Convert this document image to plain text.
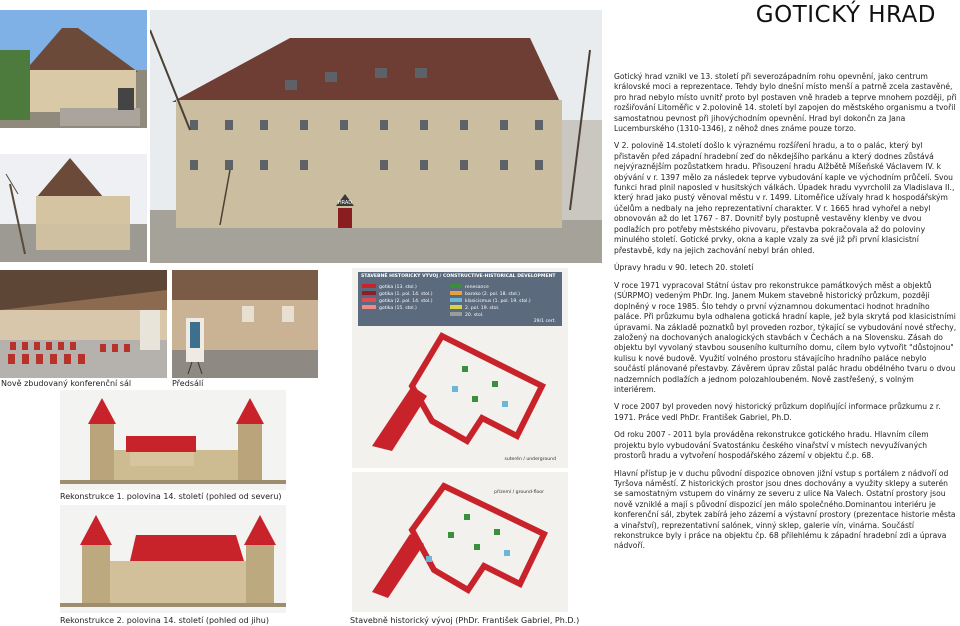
HRAD
GOTICKÝ HRAD

Gotický hrad vznikl ve 13. století při severozápadním rohu opevnění, jako centrum královské moci a reprezentace. Tehdy bylo dnešní místo menší a patrně zcela zastavěné, pro hrad nebylo místo uvnitř proto byl postaven vně hradeb a teprve mnohem později, při rozšiřování Litoměřic v 2.polovině 14. století byl zapojen do městského organismu a tvořil samostatnou pevnost při jihovýchodním opevnění. Hrad byl dokončn za Jana Lucemburského (1310-1346), z něhož dnes známe pouze torzo.

V 2. polovině 14.století došlo k výraznému rozšíření hradu, a to o palác, který byl přistavěn před západní hradební zeď do někdejšího parkánu a který dodnes zůstává nejvýraznějším pozůstatkem hradu. Přisouzení hradu Alžbětě Míšeňské Václavem IV. k obývání v r. 1397 mělo za následek teprve vybudování kaple ve východním průčelí. Svou funkci hrad plnil naposled v husitských válkách. Úpadek hradu vyvrcholil za Vladislava II., který hrad jako pustý věnoval městu v r. 1499. Litoměřice užívaly hrad k hospodářským účelům a nedbaly na jeho reprezentativní charakter. V r. 1665 hrad vyhořel a nebyl obnovován až do let 1767 - 87. Dovnitř byly postupně vestavěny klenby ve dvou podlažích pro potřeby městského pivovaru, přestavba pokračovala až do poloviny minulého století. Gotické prvky, okna a kaple vzaly za své již při první klasicistní přestavbě, kdy na jejich zachování nebyl brán ohled.

Úpravy hradu v 90. letech 20. století

V roce 1971 vypracoval Státní ústav pro rekonstrukce památkových měst a objektů (SÚRPMO) vedeným PhDr. Ing. Janem Mukem stavebně historický průzkum, později doplněný v roce 1985. Šlo tehdy o první významnou dokumentaci hodnot hradního paláce. Při průzkumu byla odhalena gotická hradní kaple, jež byla skrytá pod klasicistními úpravami. Na základě poznatků byl proveden rozbor, týkající se vybudování nové střechy, založený na dochovaných analogických stavbách v Čechách a na Slovensku. Zásah do objektu byl vyvolaný stavbou souseního kulturního domu, cílem bylo vytvořit "důstojnou" kulisu k nové budově. Využití volného prostoru stávajícího hradního paláce nebylo součástí plánované přestavby. Závěrem úprav zůstal palác hradu obdélného tvaru o dvou nadzemních podlažích a jednom polozahloubeném. Nově zastřešený, s volným interiérem.

V roce 2007 byl proveden nový historický průzkum doplňující informace průzkumu z r. 1971. Práce vedl PhDr. František Gabriel, Ph.D.

Od roku 2007 - 2011 byla prováděna rekonstrukce gotického hradu. Hlavním cílem projektu bylo vybudování Svatostánku českého vinařství v místech nevyužívaných prostorů hradu a vytvoření hospodářského zázemí v objektu č.p. 68.

Hlavní přístup je v duchu původní dispozice obnoven jižní vstup s portálem z nádvoří od Tyršova náměstí. Z historických prostor jsou dnes dochovány a využity sklepy a suterén se samostatným vstupem do vinárny ze severu z ulice Na Valech. Ostatní prostory jsou nově vzniklé a mají s původní dispozicí jen málo společného.Dominantou interiéru je konferenční sál, zbytek zabírá jeho zázemí a výstavní prostory (prezentace historie města a vinařství), reprezentativní salónek, vinný sklep, galerie vín, vinárna. Součástí rekonstrukce byly i práce na objektu čp. 68 přilehlému k západní hradební zdi a úprava nádvoří.

Nově zbudovaný konferenční sál	Předsálí
Rekonstrukce 1. polovina 14. století (pohled od severu)
Rekonstrukce 2. polovina 14. století (pohled od jihu)
STAVEBNĚ HISTORICKÝ VÝVOJ / CONSTRUCTIVE-HISTORICAL DEVELOPMENT
gotika (13. stol.)
gotika (1. pol. 14. stol.)
gotika (2. pol. 14. stol.)
gotika (15. stol.)
renesance
baroko (2. pol. 18. stol.)
klasicismus (1. pol. 19. stol.)
2. pol. 19. stol.
20. stol.
29/1 cert.
suterén / underground
přízemí / ground-floor
Stavebně historický vývoj (PhDr. František Gabriel, Ph.D.)
